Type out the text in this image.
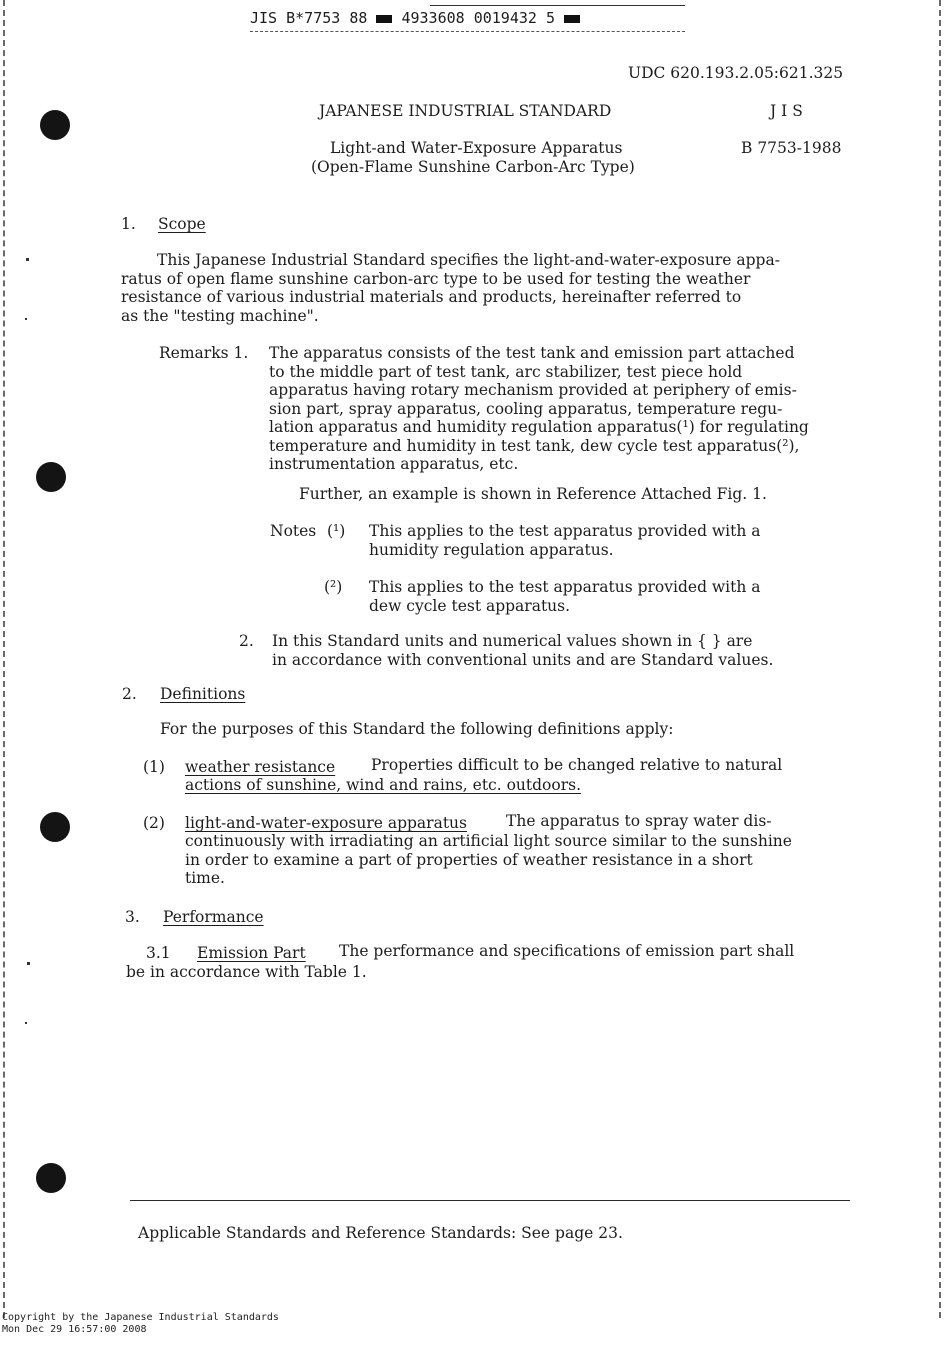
JIS B*7753 88 4933608 0019432 5
UDC 620.193.2.05:621.325
JAPANESE INDUSTRIAL STANDARD	J I S
Light-and Water-Exposure Apparatus
(Open-Flame Sunshine Carbon-Arc Type)
B 7753-1988
1. Scope
This Japanese Industrial Standard specifies the light-and-water-exposure appa-
ratus of open flame sunshine carbon-arc type to be used for testing the weather
resistance of various industrial materials and products, hereinafter referred to
as the "testing machine".
Remarks 1. The apparatus consists of the test tank and emission part attached
to the middle part of test tank, arc stabilizer, test piece hold
apparatus having rotary mechanism provided at periphery of emis-
sion part, spray apparatus, cooling apparatus, temperature regu-
lation apparatus and humidity regulation apparatus(¹) for regulating
temperature and humidity in test tank, dew cycle test apparatus(²),
instrumentation apparatus, etc.
Further, an example is shown in Reference Attached Fig. 1.
Notes (¹) This applies to the test apparatus provided with a
humidity regulation apparatus.
(²) This applies to the test apparatus provided with a
dew cycle test apparatus.
2. In this Standard units and numerical values shown in { } are
in accordance with conventional units and are Standard values.
2. Definitions
For the purposes of this Standard the following definitions apply:
(1) weather resistance Properties difficult to be changed relative to natural
actions of sunshine, wind and rains, etc. outdoors.
(2) light-and-water-exposure apparatus	The apparatus to spray water dis-
continuously with irradiating an artificial light source similar to the sunshine
in order to examine a part of properties of weather resistance in a short
time.
3. Performance
3.1 Emission Part The performance and specifications of emission part shall
be in accordance with Table 1.
Applicable Standards and Reference Standards: See page 23.
Copyright by the Japanese Industrial Standards
Mon Dec 29 16:57:00 2008
